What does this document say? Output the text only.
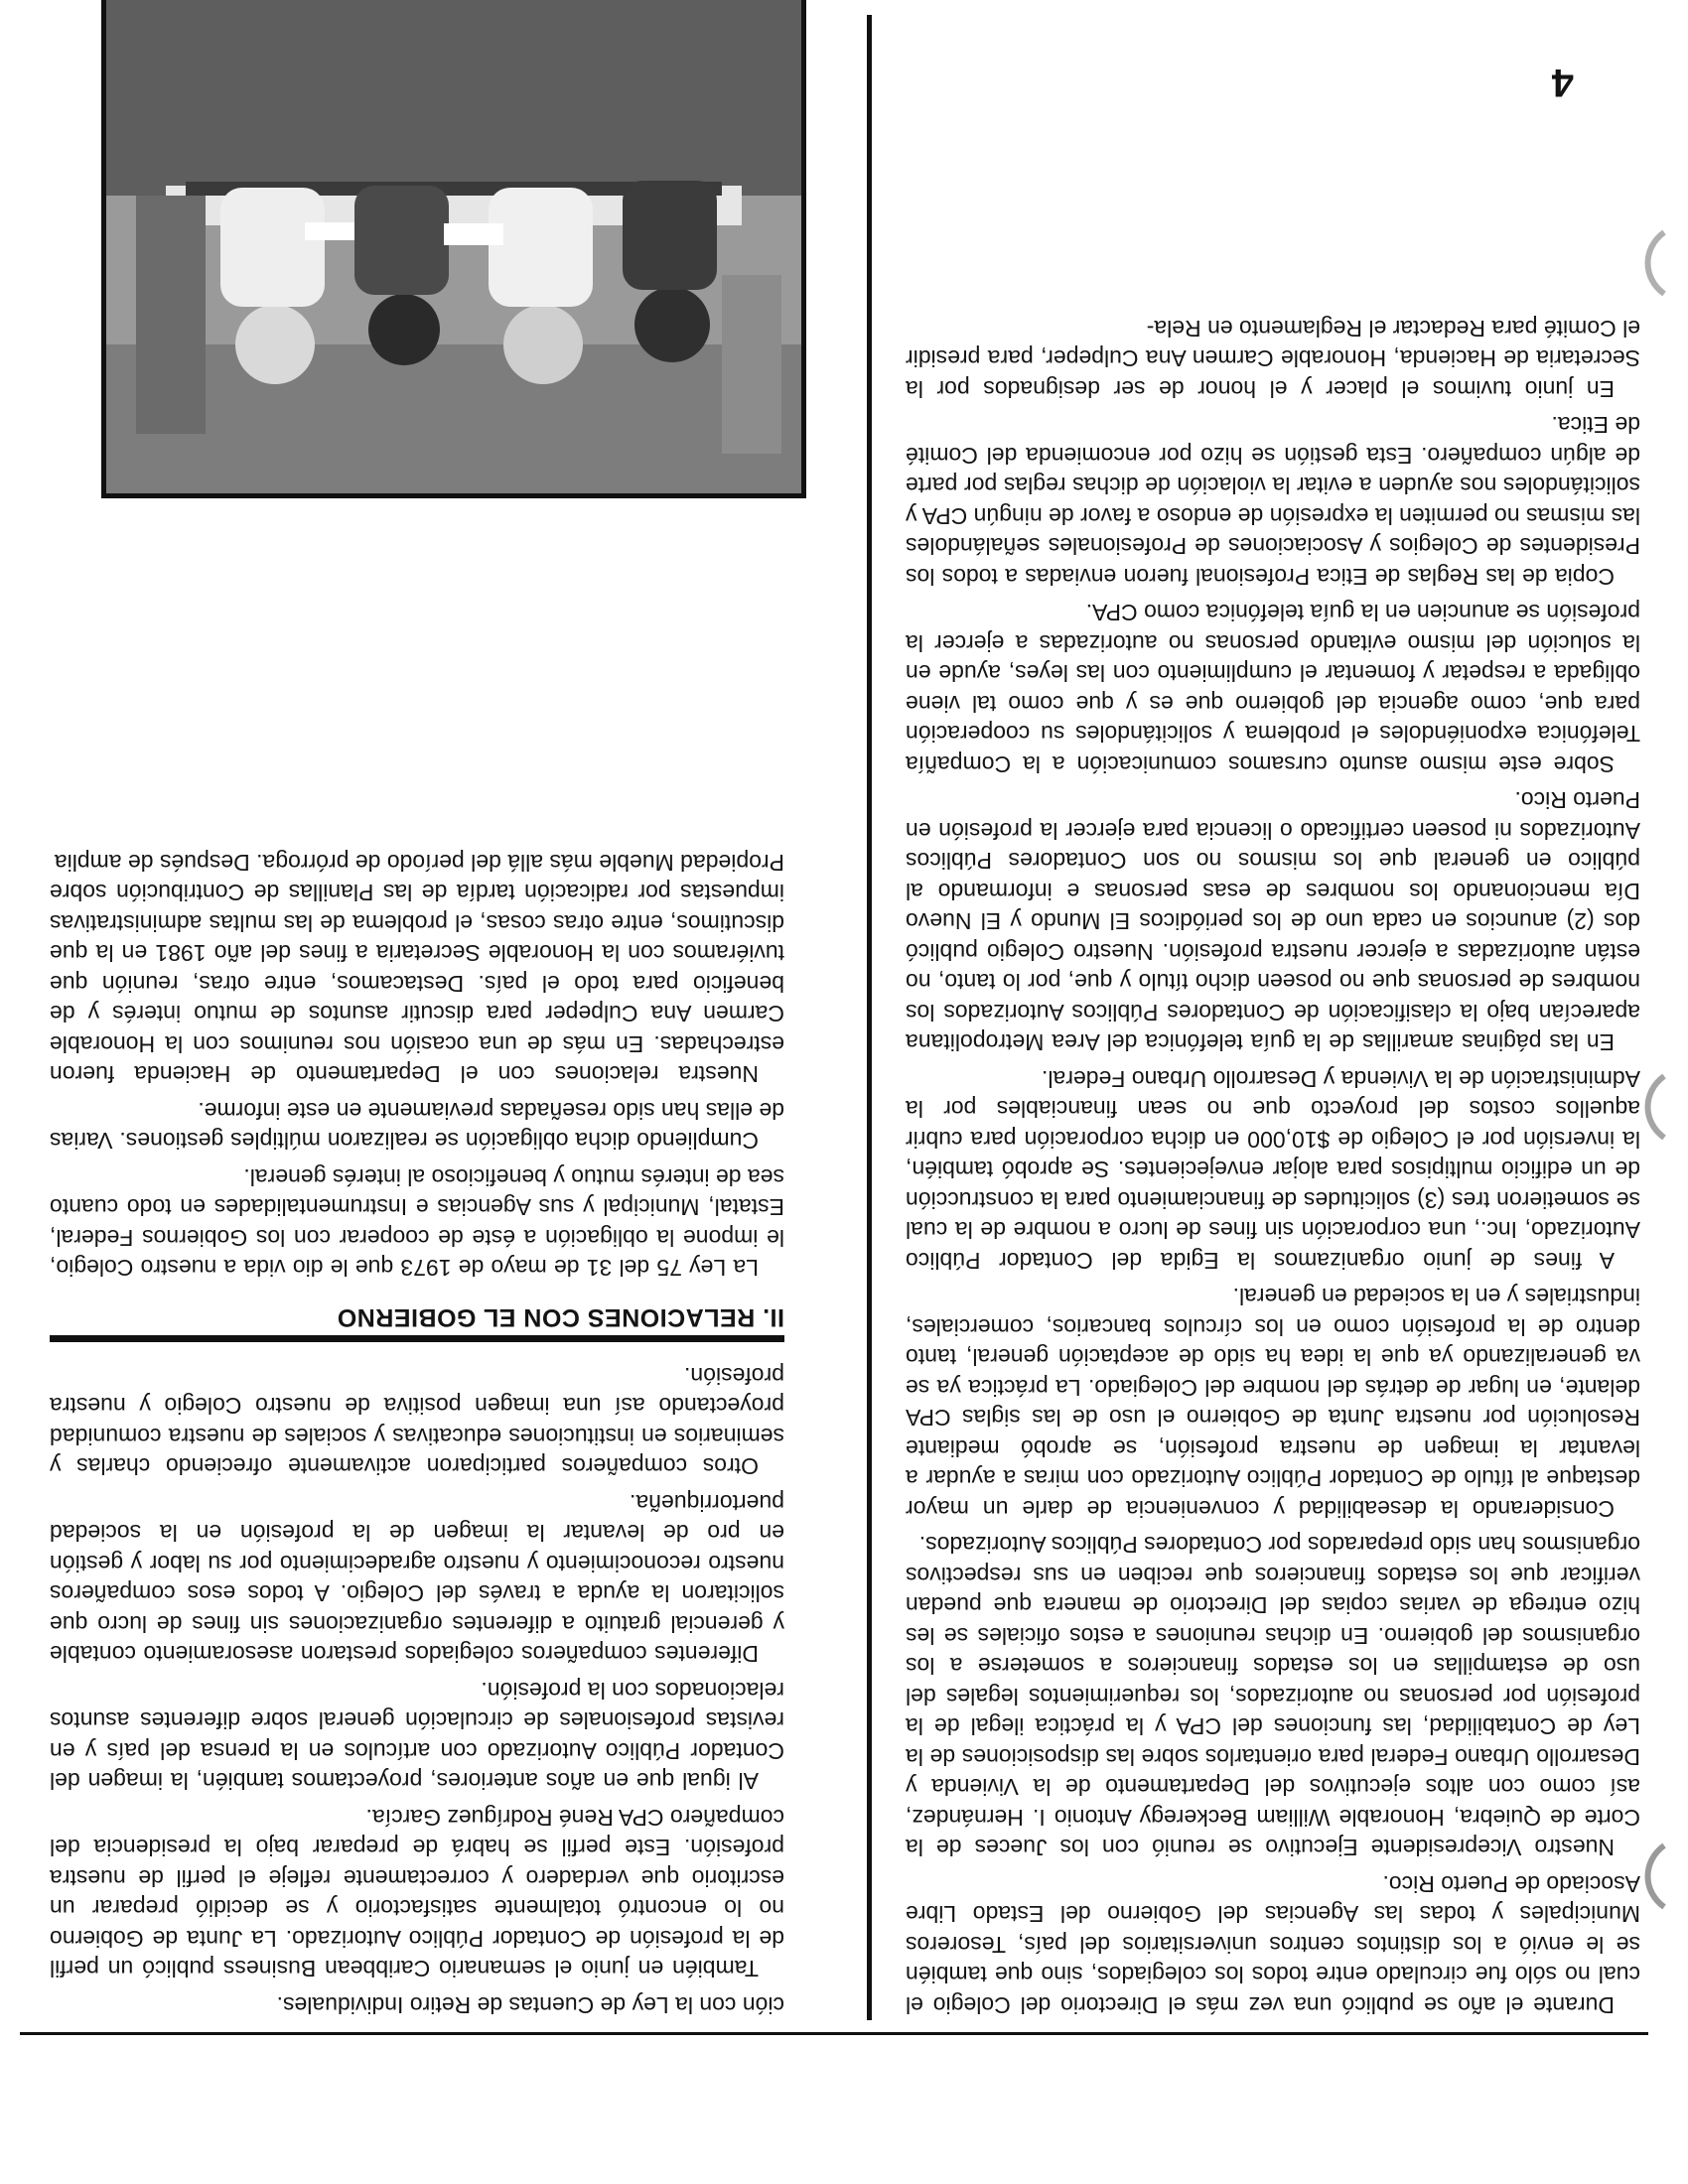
Durante el año se publicó una vez más el Directorio del Colegio el cual no sólo fue circulado entre todos los colegiados, sino que también se le envió a los distintos centros universitarios del país, Tesoreros Municipales y todas las Agencias del Gobierno del Estado Libre Asociado de Puerto Rico.

Nuestro Vicepresidente Ejecutivo se reunió con los Jueces de la Corte de Quiebra, Honorable William Beckeregy Antonio I. Hernández, así como con altos ejecutivos del Departamento de la Vivienda y Desarrollo Urbano Federal para orientarlos sobre las disposiciones de la Ley de Contabilidad, las funciones del CPA y la práctica ilegal de la profesión por personas no autorizados, los requerimientos legales del uso de estampillas en los estados financieros a someterse a los organismos del gobierno. En dichas reuniones a estos oficiales se les hizo entrega de varias copias del Directorio de manera que puedan verificar que los estados financieros que reciben en sus respectivos organismos han sido preparados por Contadores Públicos Autorizados.

Considerando la deseabilidad y conveniencia de darle un mayor destaque al título de Contador Público Autorizado con miras a ayudar a levantar la imagen de nuestra profesión, se aprobó mediante Resolución por nuestra Junta de Gobierno el uso de las siglas CPA delante, en lugar de detrás del nombre del Colegiado. La práctica ya se va generalizando ya que la idea ha sido de aceptación general, tanto dentro de la profesión como en los círculos bancarios, comerciales, industriales y en la sociedad en general.

A fines de junio organizamos la Egida del Contador Público Autorizado, Inc., una corporación sin fines de lucro a nombre de la cual se sometieron tres (3) solicitudes de financiamiento para la construcción de un edificio multipisos para alojar envejecientes. Se aprobó también, la inversión por el Colegio de $10,000 en dicha corporación para cubrir aquellos costos del proyecto que no sean financiables por la Administración de la Vivienda y Desarrollo Urbano Federal.

En las páginas amarillas de la guía telefónica del Area Metropolitana aparecían bajo la clasificación de Contadores Públicos Autorizados los nombres de personas que no poseen dicho título y que, por lo tanto, no están autorizadas a ejercer nuestra profesión. Nuestro Colegio publicó dos (2) anuncios en cada uno de los periódicos El Mundo y El Nuevo Día mencionando los nombres de esas personas e informando al público en general que los mismos no son Contadores Públicos Autorizados ni poseen certificado o licencia para ejercer la profesión en Puerto Rico.

Sobre este mismo asunto cursamos comunicación a la Compañía Telefónica exponiéndoles el problema y solicitándoles su cooperación para que, como agencia del gobierno que es y que como tal viene obligada a respetar y fomentar el cumplimiento con las leyes, ayude en la solución del mismo evitando personas no autorizadas a ejercer la profesión se anuncien en la guía telefónica como CPA.

Copia de las Reglas de Etica Profesional fueron enviadas a todos los Presidentes de Colegios y Asociaciones de Profesionales señalándoles las mismas no permiten la expresión de endoso a favor de ningún CPA y solicitándoles nos ayuden a evitar la violación de dichas reglas por parte de algún compañero. Esta gestión se hizo por encomienda del Comité de Etica.

En junio tuvimos el placer y el honor de ser designados por la Secretaria de Hacienda, Honorable Carmen Ana Culpeper, para presidir el Comité para Redactar el Reglamento en Rela-

ción con la Ley de Cuentas de Retiro Individuales.

También en junio el semanario Caribbean Business publicó un perfil de la profesión de Contador Público Autorizado. La Junta de Gobierno no lo encontró totalmente satisfactorio y se decidió preparar un escritorio que verdadero y correctamente refleje el perfil de nuestra profesión. Este perfil se habrá de preparar bajo la presidencia del compañero CPA René Rodríguez García.

Al igual que en años anteriores, proyectamos también, la imagen del Contador Público Autorizado con artículos en la prensa del país y en revistas profesionales de circulación general sobre diferentes asuntos relacionados con la profesión.

Diferentes compañeros colegiados prestaron asesoramiento contable y gerencial gratuito a diferentes organizaciones sin fines de lucro que solicitaron la ayuda a través del Colegio. A todos esos compañeros nuestro reconocimiento y nuestro agradecimiento por su labor y gestión en pro de levantar la imagen de la profesión en la sociedad puertorriqueña.

Otros compañeros participaron activamente ofreciendo charlas y seminarios en instituciones educativas y sociales de nuestra comunidad proyectando así una imagen positiva de nuestro Colegio y nuestra profesión.

II. RELACIONES CON EL GOBIERNO

La Ley 75 del 31 de mayo de 1973 que le dio vida a nuestro Colegio, le impone la obligación a éste de cooperar con los Gobiernos Federal, Estatal, Municipal y sus Agencias e Instrumentalidades en todo cuanto sea de interés mutuo y beneficioso al interés general.

Cumpliendo dicha obligación se realizaron múltiples gestiones. Varias de ellas han sido reseñadas previamente en este informe.

Nuestra relaciones con el Departamento de Hacienda fueron estrechadas. En más de una ocasión nos reunimos con la Honorable Carmen Ana Culpeper para discutir asuntos de mutuo interés y de beneficio para todo el país. Destacamos, entre otras, reunión que tuviéramos con la Honorable Secretaria a fines del año 1981 en la que discutimos, entre otras cosas, el problema de las multas administrativas impuestas por radicación tardía de las Planillas de Contribución sobre Propiedad Mueble más allá del período de prórroga. Después de amplia

4
